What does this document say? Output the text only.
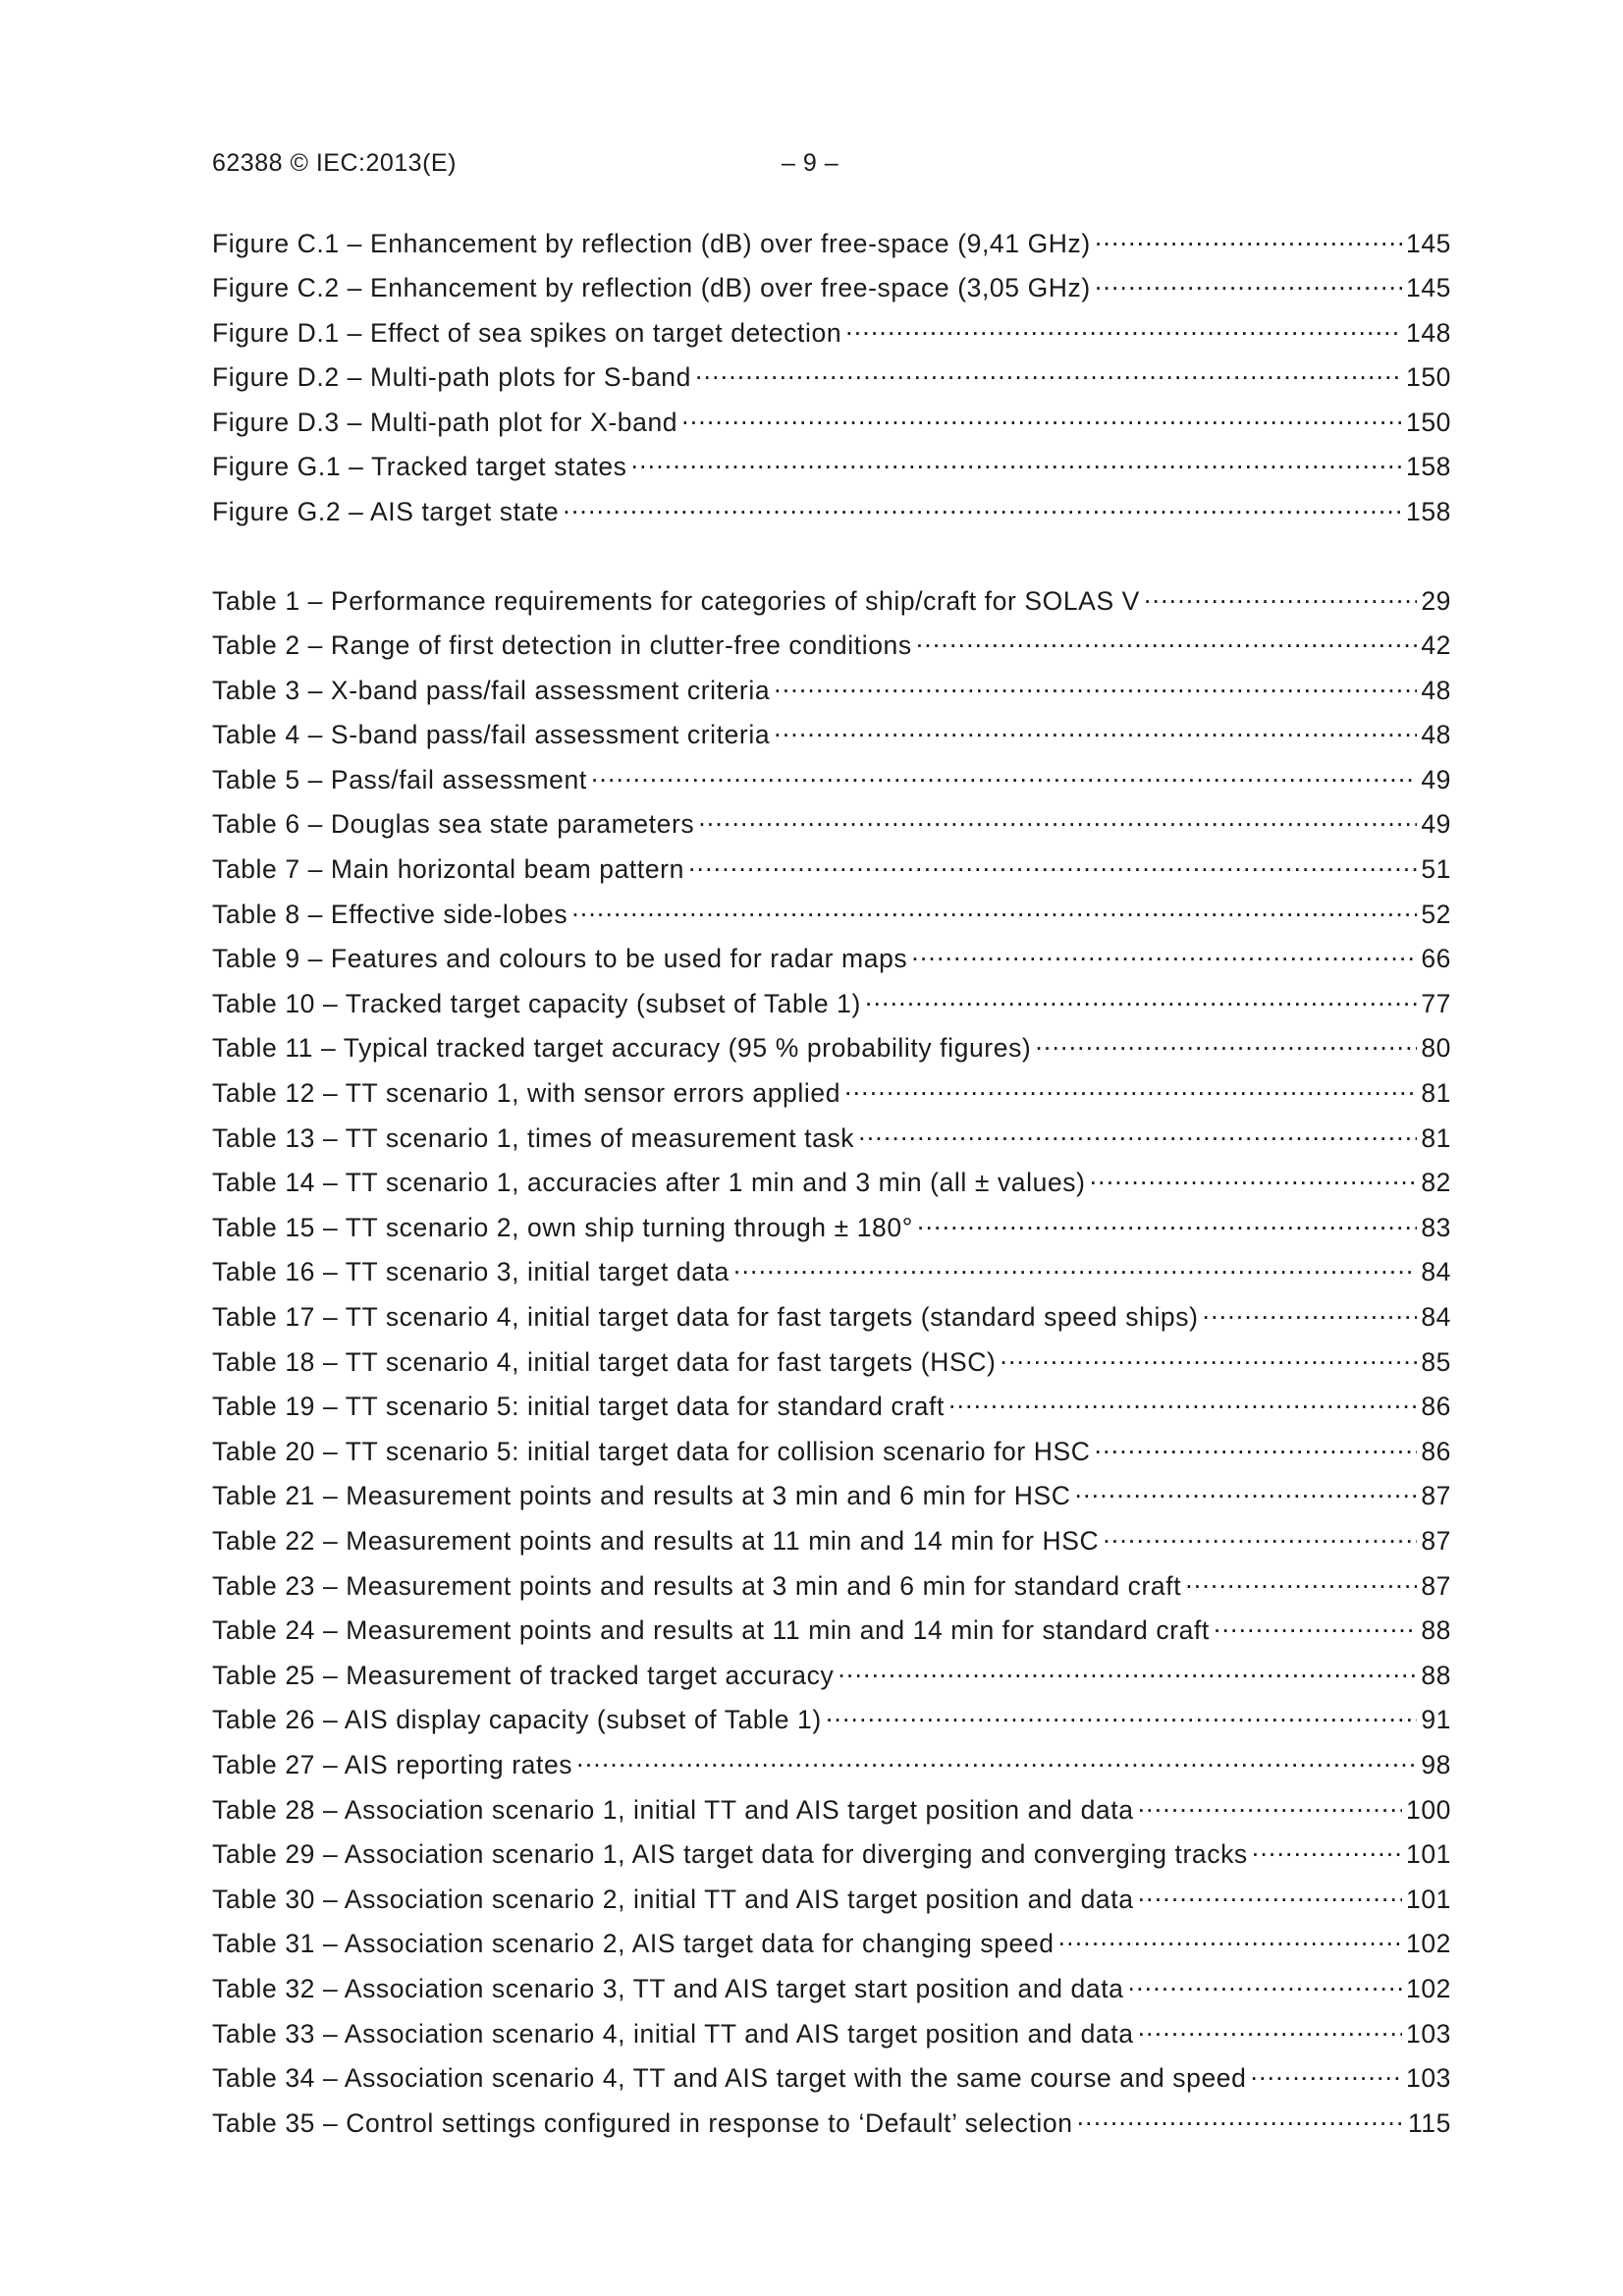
62388 © IEC:2013(E)	– 9 –
Figure C.1 – Enhancement by reflection (dB) over free-space (9,41 GHz) .....	145
Figure C.2 – Enhancement by reflection (dB) over free-space (3,05 GHz) .....	145
Figure D.1 – Effect of sea spikes on target detection .....	148
Figure D.2 – Multi-path plots for S-band .....	150
Figure D.3 – Multi-path plot for X-band .....	150
Figure G.1 – Tracked target states .....	158
Figure G.2 – AIS target state .....	158
Table 1 – Performance requirements for categories of ship/craft for SOLAS V .....	29
Table 2 – Range of first detection in clutter-free conditions .....	42
Table 3 – X-band pass/fail assessment criteria .....	48
Table 4 – S-band pass/fail assessment criteria .....	48
Table 5 – Pass/fail assessment .....	49
Table 6 – Douglas sea state parameters .....	49
Table 7 – Main horizontal beam pattern .....	51
Table 8 – Effective side-lobes .....	52
Table 9 – Features and colours to be used for radar maps .....	66
Table 10 – Tracked target capacity (subset of Table 1) .....	77
Table 11 – Typical tracked target accuracy (95 % probability figures) .....	80
Table 12 – TT scenario 1, with sensor errors applied .....	81
Table 13 – TT scenario 1, times of measurement task .....	81
Table 14 – TT scenario 1, accuracies after 1 min and 3 min (all ± values) .....	82
Table 15 – TT scenario 2, own ship turning through ± 180° .....	83
Table 16 – TT scenario 3, initial target data .....	84
Table 17 – TT scenario 4, initial target data for fast targets (standard speed ships) .....	84
Table 18 – TT scenario 4, initial target data for fast targets (HSC) .....	85
Table 19 – TT scenario 5: initial target data for standard craft .....	86
Table 20 – TT scenario 5: initial target data for collision scenario for HSC .....	86
Table 21 – Measurement points and results at 3 min and 6 min for HSC .....	87
Table 22 – Measurement points and results at 11 min and 14 min for HSC .....	87
Table 23 – Measurement points and results at 3 min and 6 min for standard craft .....	87
Table 24 – Measurement points and results at 11 min and 14 min for standard craft .....	88
Table 25 – Measurement of tracked target accuracy .....	88
Table 26 – AIS display capacity (subset of Table 1) .....	91
Table 27 – AIS reporting rates .....	98
Table 28 – Association scenario 1, initial TT and AIS target position and data .....	100
Table 29 – Association scenario 1, AIS target data for diverging and converging tracks .....	101
Table 30 – Association scenario 2, initial TT and AIS target position and data .....	101
Table 31 – Association scenario 2, AIS target data for changing speed .....	102
Table 32 – Association scenario 3, TT and AIS target start position and data .....	102
Table 33 – Association scenario 4, initial TT and AIS target position and data .....	103
Table 34 – Association scenario 4, TT and AIS target with the same course and speed .....	103
Table 35 – Control settings configured in response to ‘Default’ selection .....	115
